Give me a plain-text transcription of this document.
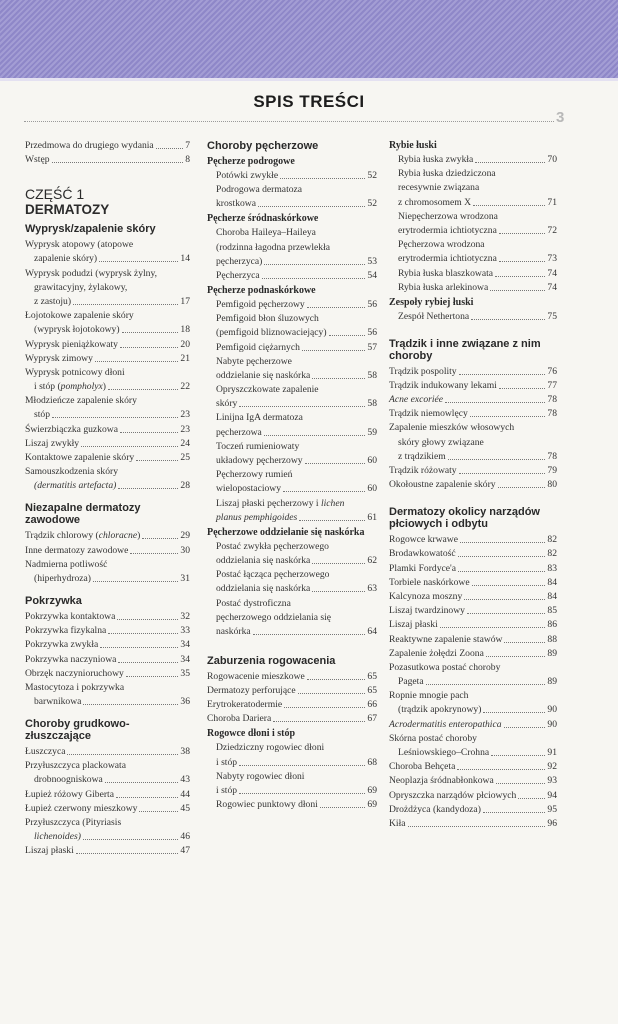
SPIS TREŚCI
3
Przedmowa do drugiego wydania	7
Wstęp	8
CZĘŚĆ 1
DERMATOZY
Wyprysk/zapalenie skóry
Wyprysk atopowy (atopowe
zapalenie skóry)	14
Wyprysk podudzi (wyprysk żylny,
grawitacyjny, żylakowy,
z zastoju)	17
Łojotokowe zapalenie skóry
(wyprysk łojotokowy)	18
Wyprysk pieniążkowaty	20
Wyprysk zimowy	21
Wyprysk potnicowy dłoni
i stóp (pompholyx)	22
Młodzieńcze zapalenie skóry
stóp	23
Świerzbiączka guzkowa	23
Liszaj zwykły	24
Kontaktowe zapalenie skóry	25
Samouszkodzenia skóry
(dermatitis artefacta)	28
Niezapalne dermatozy zawodowe
Trądzik chlorowy (chloracne)	29
Inne dermatozy zawodowe	30
Nadmierna potliwość
(hiperhydroza)	31
Pokrzywka
Pokrzywka kontaktowa	32
Pokrzywka fizykalna	33
Pokrzywka zwykła	34
Pokrzywka naczyniowa	34
Obrzęk naczynioruchowy	35
Mastocytoza i pokrzywka
barwnikowa	36
Choroby grudkowo-złuszczające
Łuszczyca	38
Przyłuszczyca plackowata
drobnoogniskowa	43
Łupież różowy Giberta	44
Łupież czerwony mieszkowy	45
Przyłuszczyca (Pityriasis
lichenoides)	46
Liszaj płaski	47
Choroby pęcherzowe
Pęcherze podrogowe
Potówki zwykłe	52
Podrogowa dermatoza
krostkowa	52
Pęcherze śródnaskórkowe
Choroba Haileya–Haileya
(rodzinna łagodna przewlekła
pęcherzyca)	53
Pęcherzyca	54
Pęcherze podnaskórkowe
Pemfigoid pęcherzowy	56
Pemfigoid błon śluzowych
(pemfigoid bliznowaciejący)	56
Pemfigoid ciężarnych	57
Nabyte pęcherzowe
oddzielanie się naskórka	58
Opryszczkowate zapalenie
skóry	58
Linijna IgA dermatoza
pęcherzowa	59
Toczeń rumieniowaty
układowy pęcherzowy	60
Pęcherzowy rumień
wielopostaciowy	60
Liszaj płaski pęcherzowy i lichen
planus pemphigoides	61
Pęcherzowe oddzielanie się naskórka
Postać zwykła pęcherzowego
oddzielania się naskórka	62
Postać łącząca pęcherzowego
oddzielania się naskórka	63
Postać dystroficzna
pęcherzowego oddzielania się
naskórka	64
Zaburzenia rogowacenia
Rogowacenie mieszkowe	65
Dermatozy perforujące	65
Erytrokeratodermie	66
Choroba Dariera	67
Rogowce dłoni i stóp
Dziedziczny rogowiec dłoni
i stóp	68
Nabyty rogowiec dłoni
i stóp	69
Rogowiec punktowy dłoni	69
Rybie łuski
Rybia łuska zwykła	70
Rybia łuska dziedziczona
recesywnie związana
z chromosomem X	71
Niepęcherzowa wrodzona
erytrodermia ichtiotyczna	72
Pęcherzowa wrodzona
erytrodermia ichtiotyczna	73
Rybia łuska blaszkowata	74
Rybia łuska arlekinowa	74
Zespoły rybiej łuski
Zespół Nethertona	75
Trądzik i inne związane z nim choroby
Trądzik pospolity	76
Trądzik indukowany lekami	77
Acne excoriée	78
Trądzik niemowlęcy	78
Zapalenie mieszków włosowych
skóry głowy związane
z trądzikiem	78
Trądzik różowaty	79
Okołoustne zapalenie skóry	80
Dermatozy okolicy narządów płciowych i odbytu
Rogowce krwawe	82
Brodawkowatość	82
Plamki Fordyce'a	83
Torbiele naskórkowe	84
Kalcynoza moszny	84
Liszaj twardzinowy	85
Liszaj płaski	86
Reaktywne zapalenie stawów	88
Zapalenie żołędzi Zoona	89
Pozasutkowa postać choroby
Pageta	89
Ropnie mnogie pach
(trądzik apokrynowy)	90
Acrodermatitis enteropathica	90
Skórna postać choroby
Leśniowskiego–Crohna	91
Choroba Behçeta	92
Neoplazja śródnabłonkowa	93
Opryszczka narządów płciowych	94
Drożdżyca (kandydoza)	95
Kiła	96
